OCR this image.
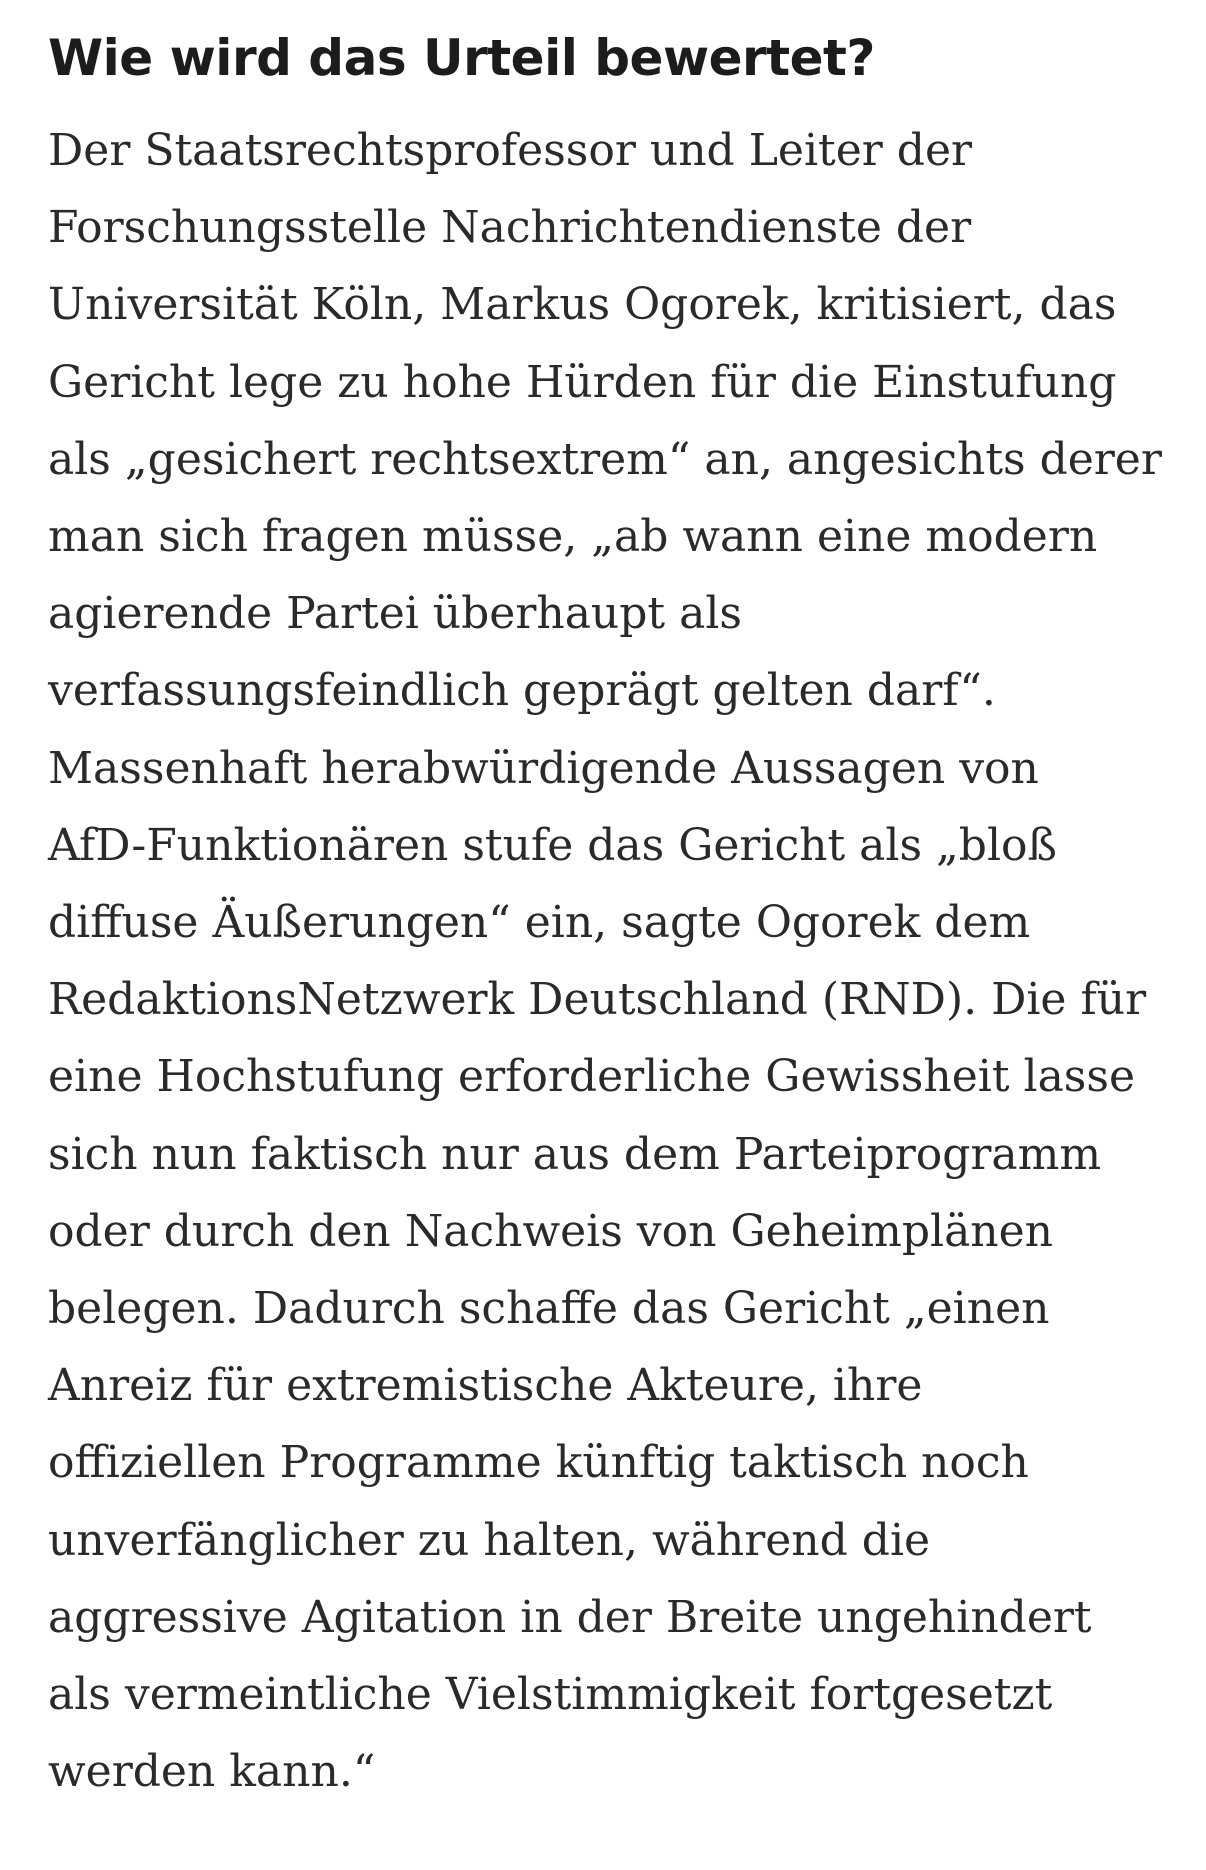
Wie wird das Urteil bewertet?

Der Staatsrechtsprofessor und Leiter der
Forschungsstelle Nachrichtendienste der
Universität Köln, Markus Ogorek, kritisiert, das
Gericht lege zu hohe Hürden für die Einstufung
als „gesichert rechtsextrem“ an, angesichts derer
man sich fragen müsse, „ab wann eine modern
agierende Partei überhaupt als
verfassungsfeindlich geprägt gelten darf“.
Massenhaft herabwürdigende Aussagen von
AfD-Funktionären stufe das Gericht als „bloß
diffuse Äußerungen“ ein, sagte Ogorek dem
RedaktionsNetzwerk Deutschland (RND). Die für
eine Hochstufung erforderliche Gewissheit lasse
sich nun faktisch nur aus dem Parteiprogramm
oder durch den Nachweis von Geheimplänen
belegen. Dadurch schaffe das Gericht „einen
Anreiz für extremistische Akteure, ihre
offiziellen Programme künftig taktisch noch
unverfänglicher zu halten, während die
aggressive Agitation in der Breite ungehindert
als vermeintliche Vielstimmigkeit fortgesetzt
werden kann.“
